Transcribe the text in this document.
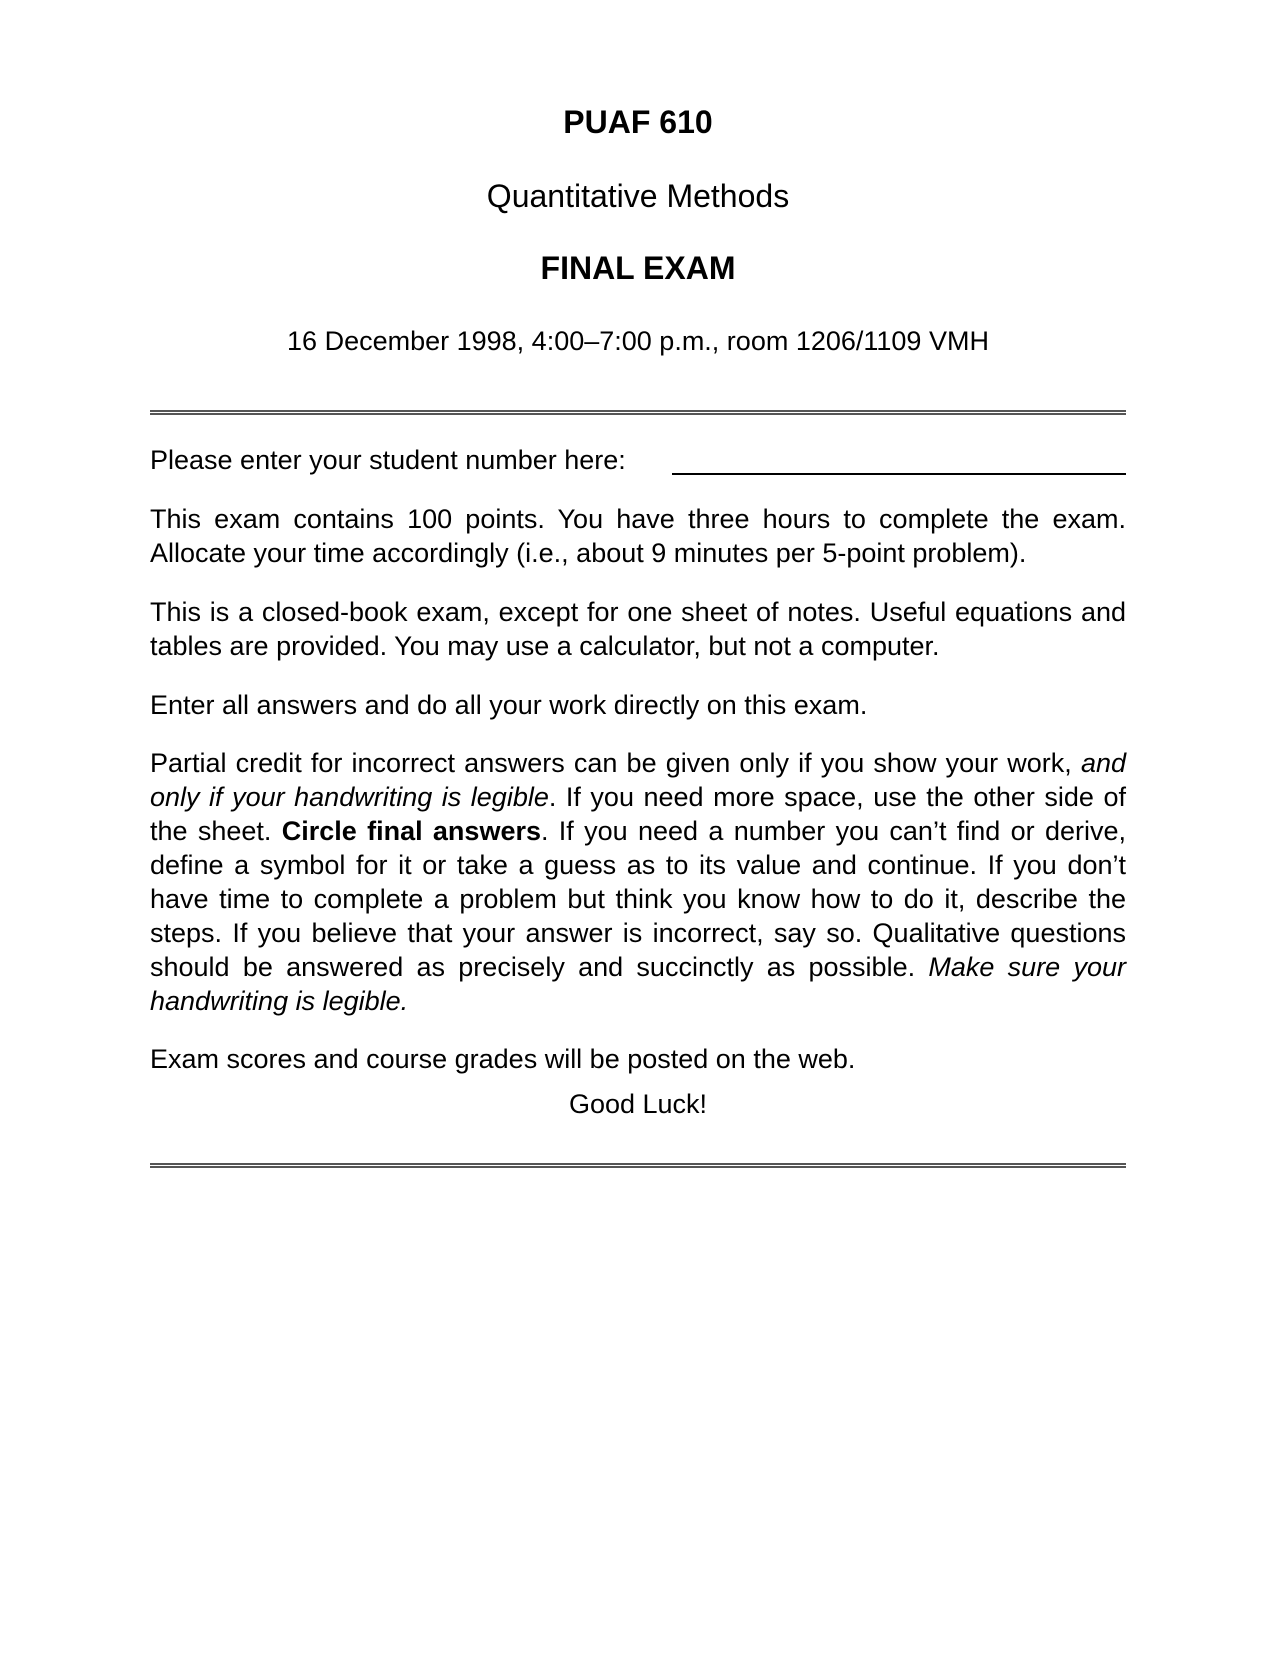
PUAF 610
Quantitative Methods
FINAL EXAM
16 December 1998, 4:00–7:00 p.m., room 1206/1109 VMH

Please enter your student number here:

This exam contains 100 points. You have three hours to complete the exam. Allocate your time accordingly (i.e., about 9 minutes per 5-point problem).

This is a closed-book exam, except for one sheet of notes. Useful equations and tables are provided. You may use a calculator, but not a computer.

Enter all answers and do all your work directly on this exam.

Partial credit for incorrect answers can be given only if you show your work, and only if your handwriting is legible. If you need more space, use the other side of the sheet. Circle final answers. If you need a number you can’t find or derive, define a symbol for it or take a guess as to its value and continue. If you don’t have time to complete a problem but think you know how to do it, describe the steps. If you believe that your answer is incorrect, say so. Qualitative questions should be answered as precisely and succinctly as possible. Make sure your handwriting is legible.

Exam scores and course grades will be posted on the web.

Good Luck!
